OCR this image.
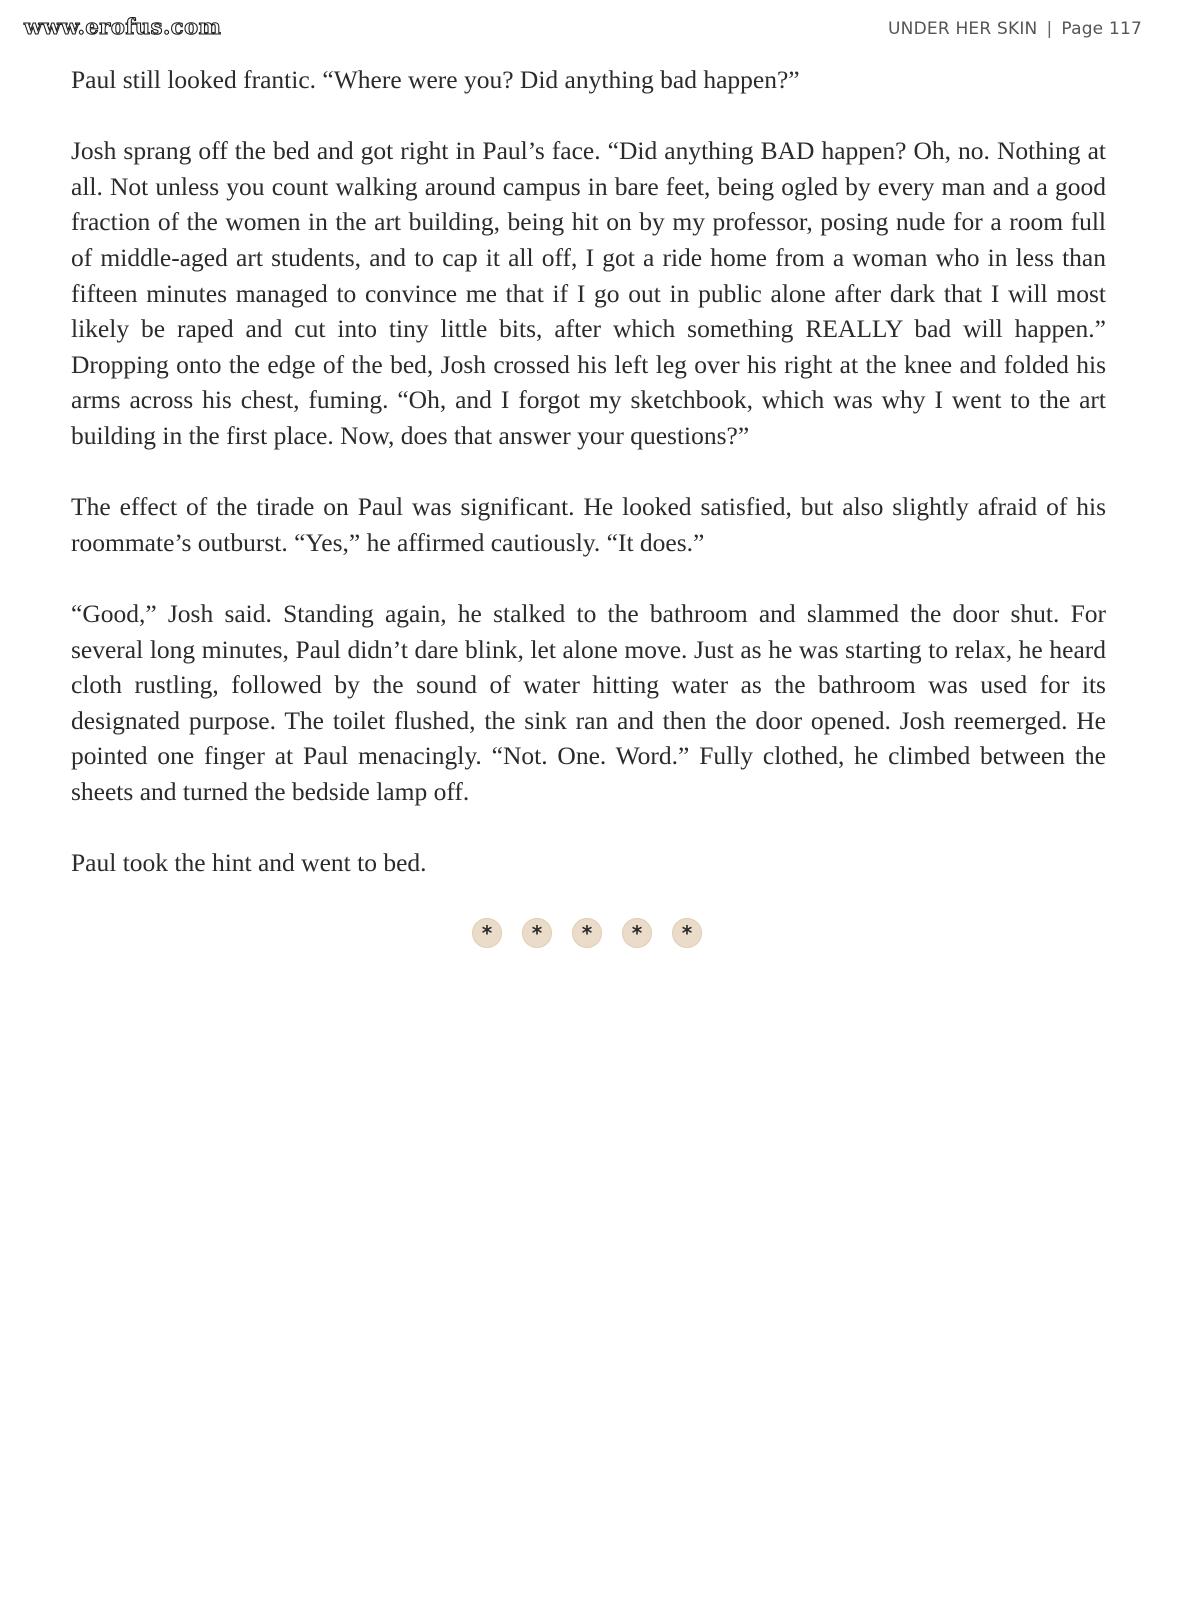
www.erofus.com	UNDER HER SKIN | Page 117

Paul still looked frantic. “Where were you? Did anything bad happen?”

Josh sprang off the bed and got right in Paul’s face. “Did anything BAD happen? Oh, no. Nothing at all. Not unless you count walking around campus in bare feet, being ogled by every man and a good fraction of the women in the art building, being hit on by my professor, posing nude for a room full of middle-aged art students, and to cap it all off, I got a ride home from a woman who in less than fifteen minutes managed to convince me that if I go out in public alone after dark that I will most likely be raped and cut into tiny little bits, after which something REALLY bad will happen.” Dropping onto the edge of the bed, Josh crossed his left leg over his right at the knee and folded his arms across his chest, fuming. “Oh, and I forgot my sketchbook, which was why I went to the art building in the first place. Now, does that answer your questions?”

The effect of the tirade on Paul was significant. He looked satisfied, but also slightly afraid of his roommate’s outburst. “Yes,” he affirmed cautiously. “It does.”

“Good,” Josh said. Standing again, he stalked to the bathroom and slammed the door shut. For several long minutes, Paul didn’t dare blink, let alone move. Just as he was starting to relax, he heard cloth rustling, followed by the sound of water hitting water as the bathroom was used for its designated purpose. The toilet flushed, the sink ran and then the door opened. Josh reemerged. He pointed one finger at Paul menacingly. “Not. One. Word.” Fully clothed, he climbed between the sheets and turned the bedside lamp off.

Paul took the hint and went to bed.

*	*	*	*	*
